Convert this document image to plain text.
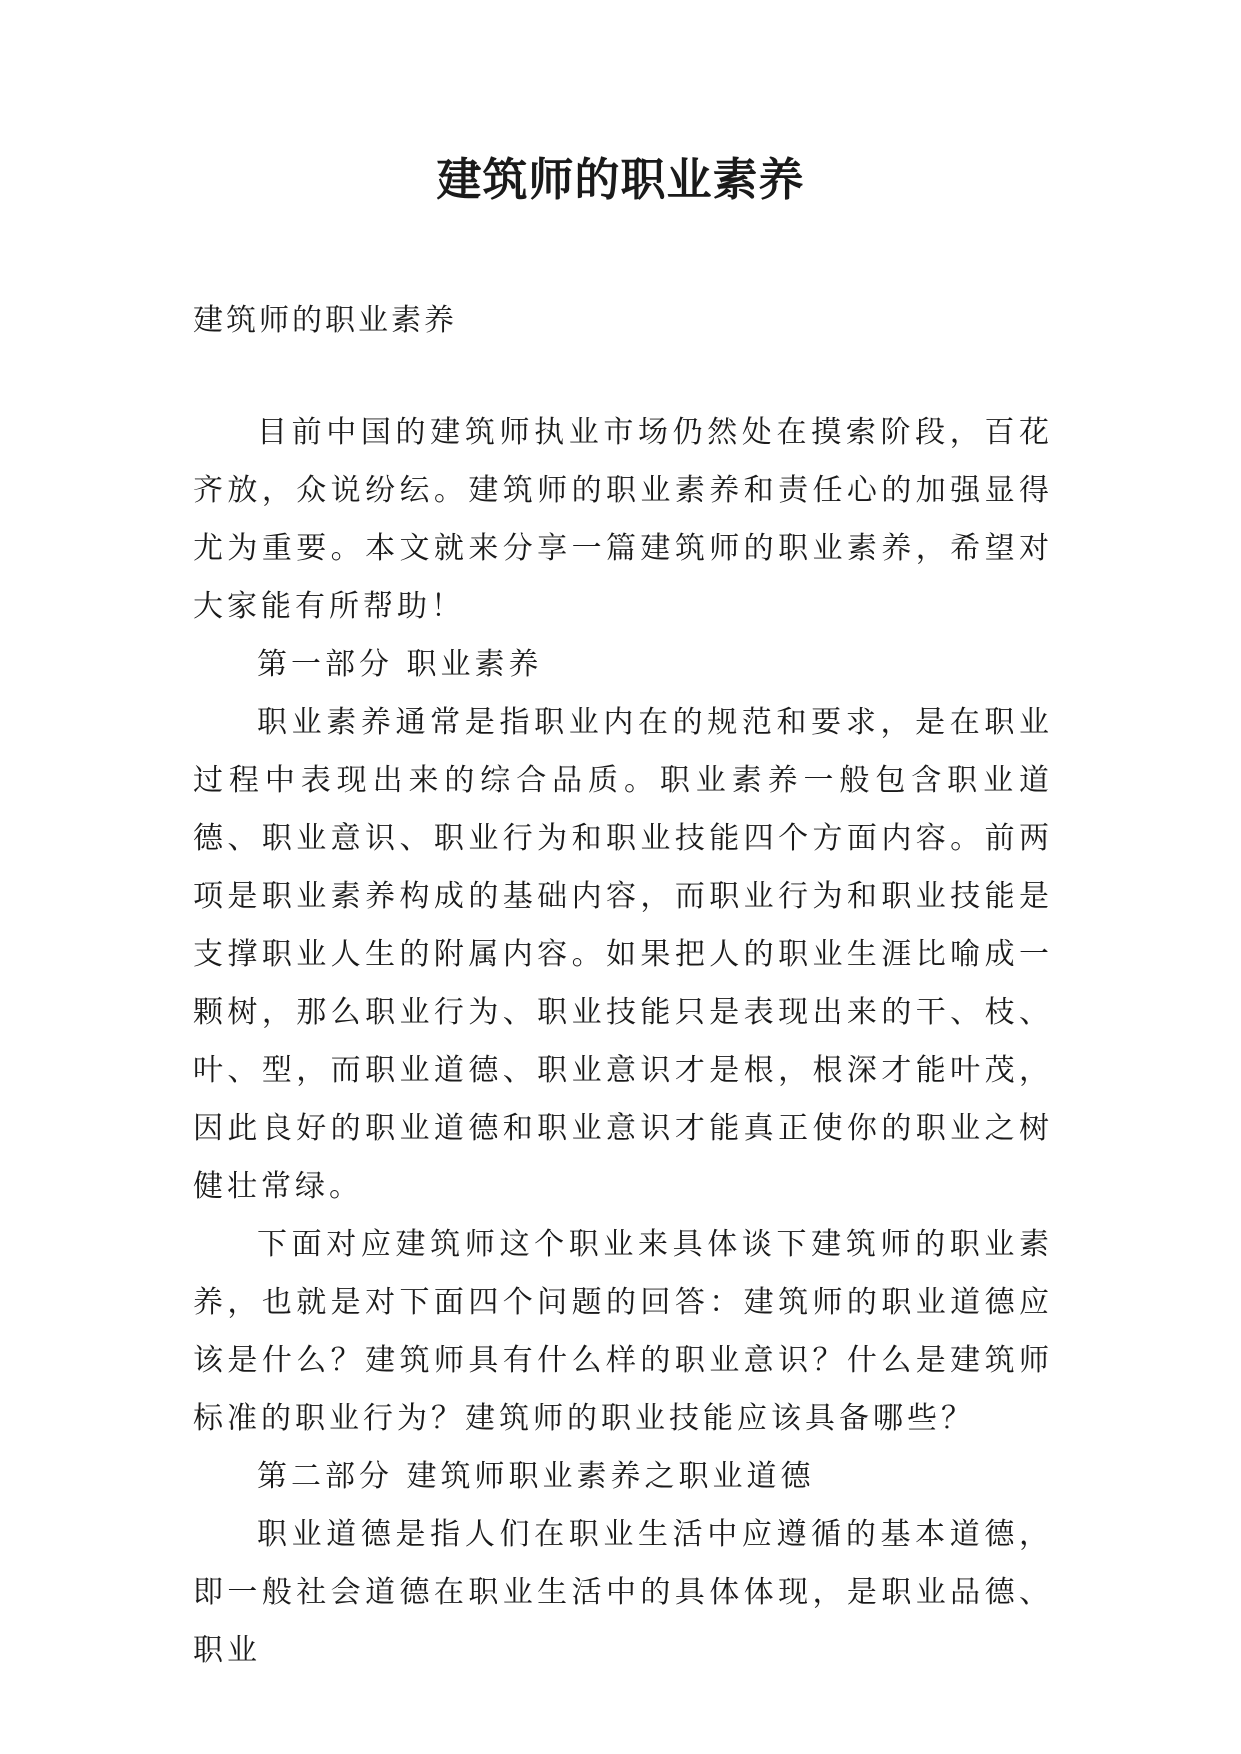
建筑师的职业素养
建筑师的职业素养

目前中国的建筑师执业市场仍然处在摸索阶段，百花齐放，众说纷纭。建筑师的职业素养和责任心的加强显得尤为重要。本文就来分享一篇建筑师的职业素养，希望对大家能有所帮助！

第一部分 职业素养

职业素养通常是指职业内在的规范和要求，是在职业过程中表现出来的综合品质。职业素养一般包含职业道德、职业意识、职业行为和职业技能四个方面内容。前两项是职业素养构成的基础内容，而职业行为和职业技能是支撑职业人生的附属内容。如果把人的职业生涯比喻成一颗树，那么职业行为、职业技能只是表现出来的干、枝、叶、型，而职业道德、职业意识才是根，根深才能叶茂，因此良好的职业道德和职业意识才能真正使你的职业之树健壮常绿。

下面对应建筑师这个职业来具体谈下建筑师的职业素养，也就是对下面四个问题的回答：建筑师的职业道德应该是什么？建筑师具有什么样的职业意识？什么是建筑师标准的职业行为？建筑师的职业技能应该具备哪些？

第二部分 建筑师职业素养之职业道德

职业道德是指人们在职业生活中应遵循的基本道德，即一般社会道德在职业生活中的具体体现，是职业品德、职业
